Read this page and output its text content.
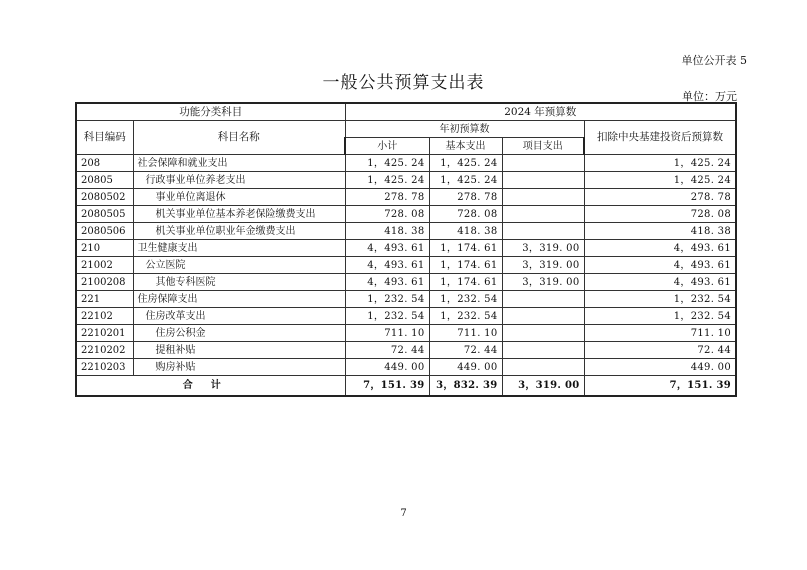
单位公开表 5
一般公共预算支出表
单位：万元
功能分类科目		2024 年预算数			
科目编码	科目名称	年初预算数			扣除中央基建投资后预算数
		小计	基本支出	项目支出	
208	社会保障和就业支出	1，425. 24	1，425. 24		1，425. 24
20805	行政事业单位养老支出	1，425. 24	1，425. 24		1，425. 24
2080502	事业单位离退休	278. 78	278. 78		278. 78
2080505	机关事业单位基本养老保险缴费支出	728. 08	728. 08		728. 08
2080506	机关事业单位职业年金缴费支出	418. 38	418. 38		418. 38
210	卫生健康支出	4，493. 61	1，174. 61	3，319. 00	4，493. 61
21002	公立医院	4，493. 61	1，174. 61	3，319. 00	4，493. 61
2100208	其他专科医院	4，493. 61	1，174. 61	3，319. 00	4，493. 61
221	住房保障支出	1，232. 54	1，232. 54		1，232. 54
22102	住房改革支出	1，232. 54	1，232. 54		1，232. 54
2210201	住房公积金	711. 10	711. 10		711. 10
2210202	提租补贴	72. 44	72. 44		72. 44
2210203	购房补贴	449. 00	449. 00		449. 00
合计		7，151. 39	3，832. 39	3，319. 00	7，151. 39
7
